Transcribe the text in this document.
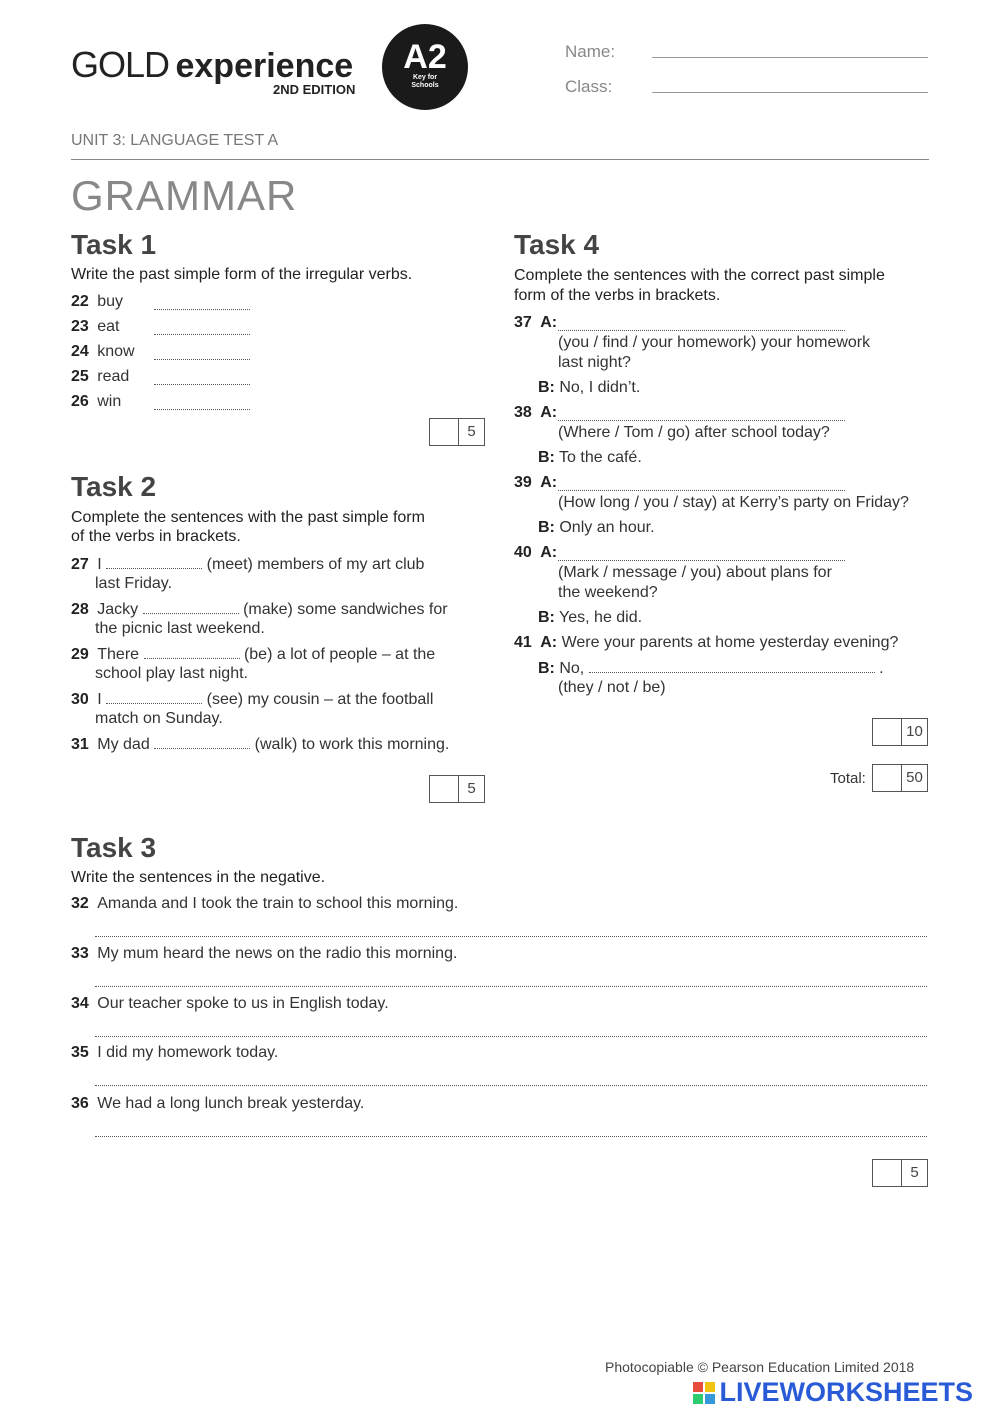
GOLD experience
2ND EDITION
A2
Key for
Schools
Name:
Class:
UNIT 3: LANGUAGE TEST A
GRAMMAR
Task 1
Write the past simple form of the irregular verbs.
22 buy
23 eat
24 know
25 read
26 win
5
Task 2
Complete the sentences with the past simple form
of the verbs in brackets.
27 I	(meet) members of my art club
last Friday.
28 Jacky	(make) some sandwiches for
the picnic last weekend.
29 There	(be) a lot of people – at the
school play last night.
30 I	(see) my cousin – at the football
match on Sunday.
31 My dad	(walk) to work this morning.
5
Task 3
Write the sentences in the negative.
32 Amanda and I took the train to school this morning.
33 My mum heard the news on the radio this morning.
34 Our teacher spoke to us in English today.
35 I did my homework today.
36 We had a long lunch break yesterday.
5
Task 4
Complete the sentences with the correct past simple
form of the verbs in brackets.
37 A:
(you / find / your homework) your homework
last night?
B: No, I didn’t.
38 A:
(Where / Tom / go) after school today?
B: To the café.
39 A:
(How long / you / stay) at Kerry’s party on Friday?
B: Only an hour.
40 A:
(Mark / message / you) about plans for
the weekend?
B: Yes, he did.
41 A: Were your parents at home yesterday evening?
B: No,	.
(they / not / be)
10
Total:	50
Photocopiable © Pearson Education Limited 2018
LIVEWORKSHEETS
